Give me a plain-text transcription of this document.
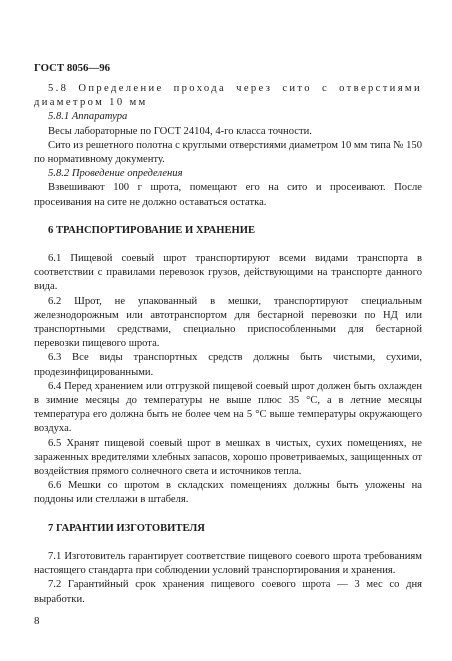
ГОСТ 8056—96

5.8 Определение прохода через сито с отверстиями диаметром 10 мм

5.8.1 Аппаратура

Весы лабораторные по ГОСТ 24104, 4-го класса точности.

Сито из решетного полотна с круглыми отверстиями диаметром 10 мм типа № 150 по нормативному документу.

5.8.2 Проведение определения

Взвешивают 100 г шрота, помещают его на сито и просеивают. После просеивания на сите не должно оставаться остатка.

6 ТРАНСПОРТИРОВАНИЕ И ХРАНЕНИЕ

6.1 Пищевой соевый шрот транспортируют всеми видами транспорта в соответствии с правилами перевозок грузов, действующими на транспорте данного вида.

6.2 Шрот, не упакованный в мешки, транспортируют специальным железнодорожным или автотранспортом для бестарной перевозки по НД или транспортными средствами, специально приспособленными для бестарной перевозки пищевого шрота.

6.3 Все виды транспортных средств должны быть чистыми, сухими, продезинфицированными.

6.4 Перед хранением или отгрузкой пищевой соевый шрот должен быть охлажден в зимние месяцы до температуры не выше плюс 35 °С, а в летние месяцы температура его должна быть не более чем на 5 °С выше температуры окружающего воздуха.

6.5 Хранят пищевой соевый шрот в мешках в чистых, сухих помещениях, не зараженных вредителями хлебных запасов, хорошо проветриваемых, защищенных от воздействия прямого солнечного света и источников тепла.

6.6 Мешки со шротом в складских помещениях должны быть уложены на поддоны или стеллажи в штабеля.

7 ГАРАНТИИ ИЗГОТОВИТЕЛЯ

7.1 Изготовитель гарантирует соответствие пищевого соевого шрота требованиям настоящего стандарта при соблюдении условий транспортирования и хранения.

7.2 Гарантийный срок хранения пищевого соевого шрота — 3 мес со дня выработки.

8
